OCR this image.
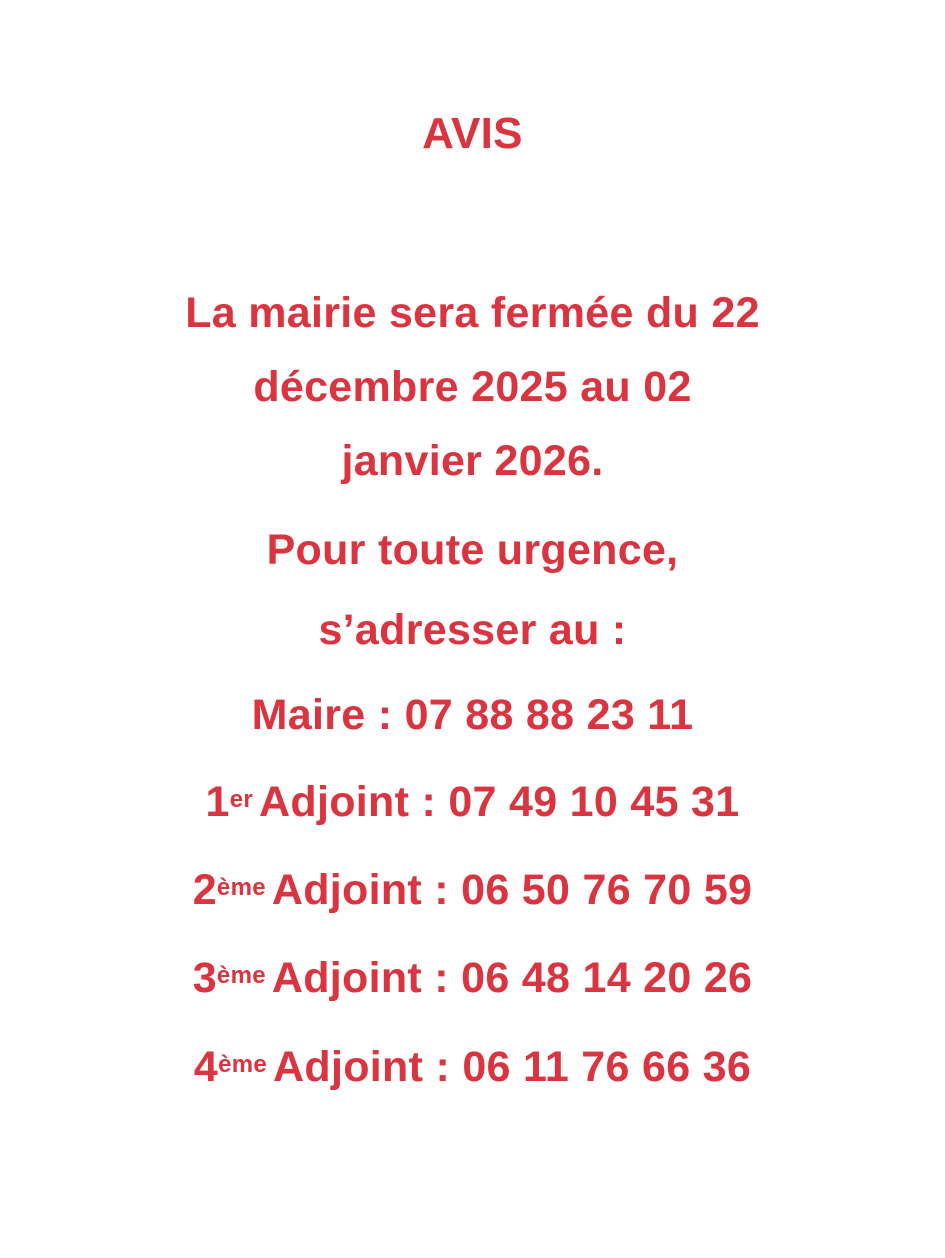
AVIS
La mairie sera fermée du 22
décembre 2025 au 02
janvier 2026.
Pour toute urgence,
s’adresser au :
Maire : 07 88 88 23 11
1er Adjoint : 07 49 10 45 31
2ème Adjoint : 06 50 76 70 59
3ème Adjoint : 06 48 14 20 26
4ème Adjoint : 06 11 76 66 36
